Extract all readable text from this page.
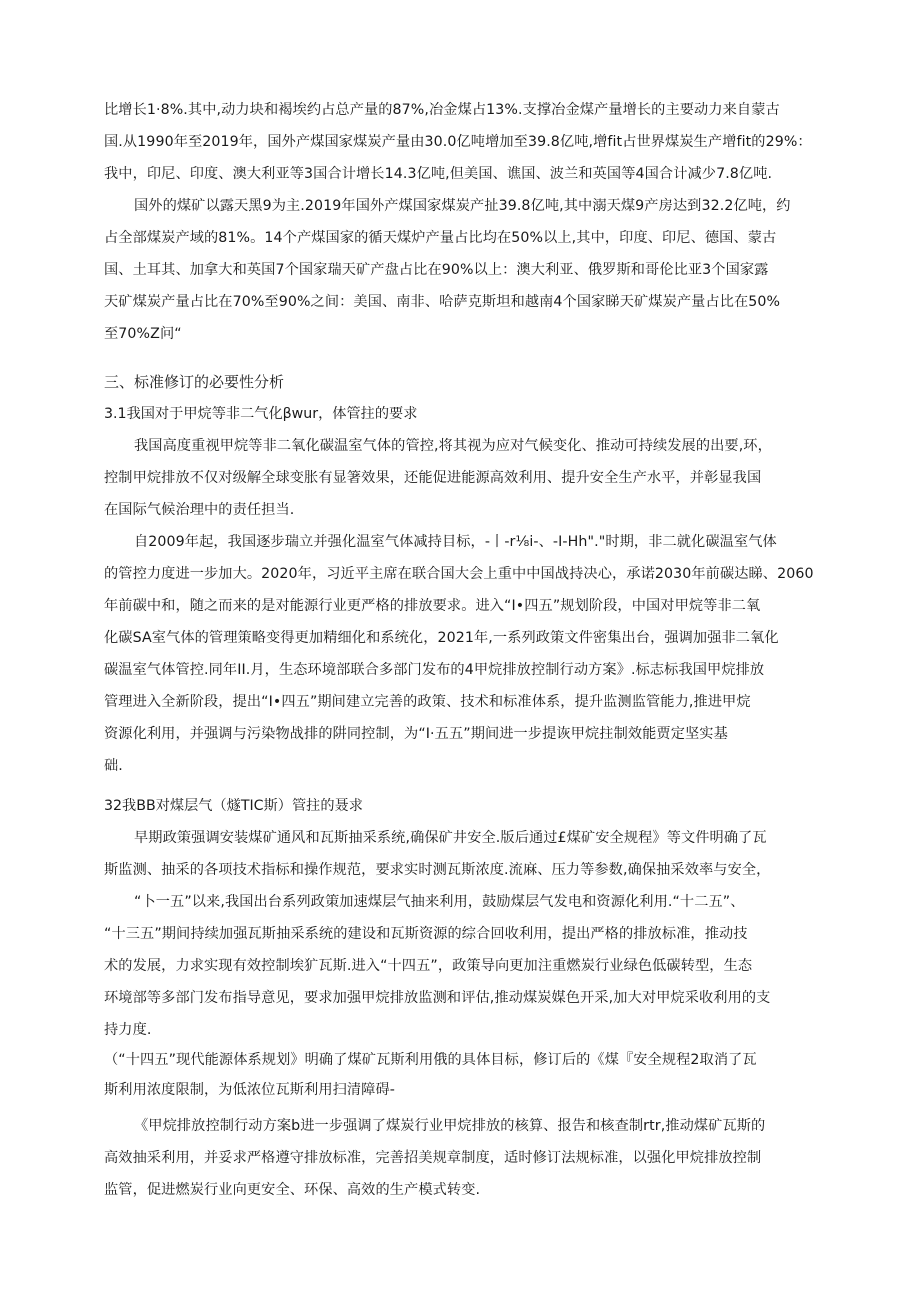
比增长1·8%.其中,动力块和褐埃约占总产量的87%,冶金煤占13%.支撑冶金煤产量增长的主要动力来自蒙古
国.从1990年至2019年，国外产煤国家煤炭产量由30.0亿吨增加至39.8亿吨,增fit占世界煤炭生产增fit的29%：
我中，印尼、印度、澳大利亚等3国合计增长14.3亿吨,但美国、谯国、波兰和英国等4国合计减少7.8亿吨.
国外的煤矿以露天黑9为主.2019年国外产煤国家煤炭产扯39.8亿吨,其中溺天煤9产房达到32.2亿吨，约
占全部煤炭产域的81%。14个产煤国家的循天煤炉产量占比均在50%以上,其中，印度、印尼、德国、蒙古
国、土耳其、加拿大和英国7个国家瑞天矿产盘占比在90%以上：澳大利亚、俄罗斯和哥伦比亚3个国家露
天矿煤炭产量占比在70%至90%之间：美国、南非、哈萨克斯坦和越南4个国家睇天矿煤炭产量占比在50%
至70%Z问“
三、标准修订的必要性分析
3.1我国对于甲烷等非二气化βwur，体管拄的要求
我国高度重视甲烷等非二氧化碳温室气体的管控,将其视为应对气候变化、推动可持续发展的出要,环，
控制甲烷排放不仅对级解全球变胀有显箸效果，还能促进能源高效利用、提升安全生产水平，并彰显我国
在国际气候治理中的责任担当.
自2009年起，我国逐步瑞立并强化温室气体减持目标，-丨-r⅛i-、-I-Hh"."时期，非二就化碳温室气体
的管控力度进一步加大。2020年，习近平主席在联合国大会上重中中国战持决心，承诺2030年前碳达睇、2060
年前碳中和，随之而来的是对能源行业更严格的排放要求。进入“I•四五”规划阶段，中国对甲烷等非二氧
化碳SA室气体的管理策略变得更加精细化和系统化，2021年,一系列政策文件密集出台，强调加强非二氧化
碳温室气体管控.同年II.月，生态环境部联合多部门发布的4甲烷排放控制行动方案》.标志标我国甲烷排放
管理进入全新阶段，提出“I•四五”期间建立完善的政策、技术和标准体系，提升监测监管能力,推进甲烷
资源化利用，并强调与污染物战排的阱同控制，为“I·五五”期间进一步提诙甲烷拄制效能贾定坚实基
础.
32我BB对煤层气（燧TIC斯）管拄的聂求
早期政策强调安装煤矿通风和瓦斯抽采系统,确保矿井安全.版后通过£煤矿安全规程》等文件明确了瓦
斯监测、抽采的各项技术指标和操作规范，要求实时测瓦斯浓度.流麻、压力等参数,确保抽采效率与安全，
“卜一五”以来,我国出台系列政策加速煤层气抽来利用，鼓励煤层气发电和资源化利用.“十二五”、
“十三五”期间持续加强瓦斯抽采系统的建设和瓦斯资源的综合回收利用，提出严格的排放标准，推动技
术的发展，力求实现有效控制埃犷瓦斯.进入“十四五”，政策导向更加注重燃炭行业绿色低碳转型，生态
环境部等多部门发布指导意见，要求加强甲烷排放监测和评估,推动煤炭媒色开采,加大对甲烷采收利用的支
持力度.
（“十四五”现代能源体系规划》明确了煤矿瓦斯利用俄的具体目标，修订后的《煤『安全规程2取消了瓦
斯利用浓度限制，为低浓位瓦斯利用扫清障碍-
《甲烷排放控制行动方案b进一步强调了煤炭行业甲烷排放的核算、报告和核查制rtr,推动煤矿瓦斯的
高效抽采利用，并妥求严格遵守排放标准，完善招美规章制度，适时修订法规标准，以强化甲烷排放控制
监管，促进燃炭行业向更安全、环保、高效的生产模式转变.
